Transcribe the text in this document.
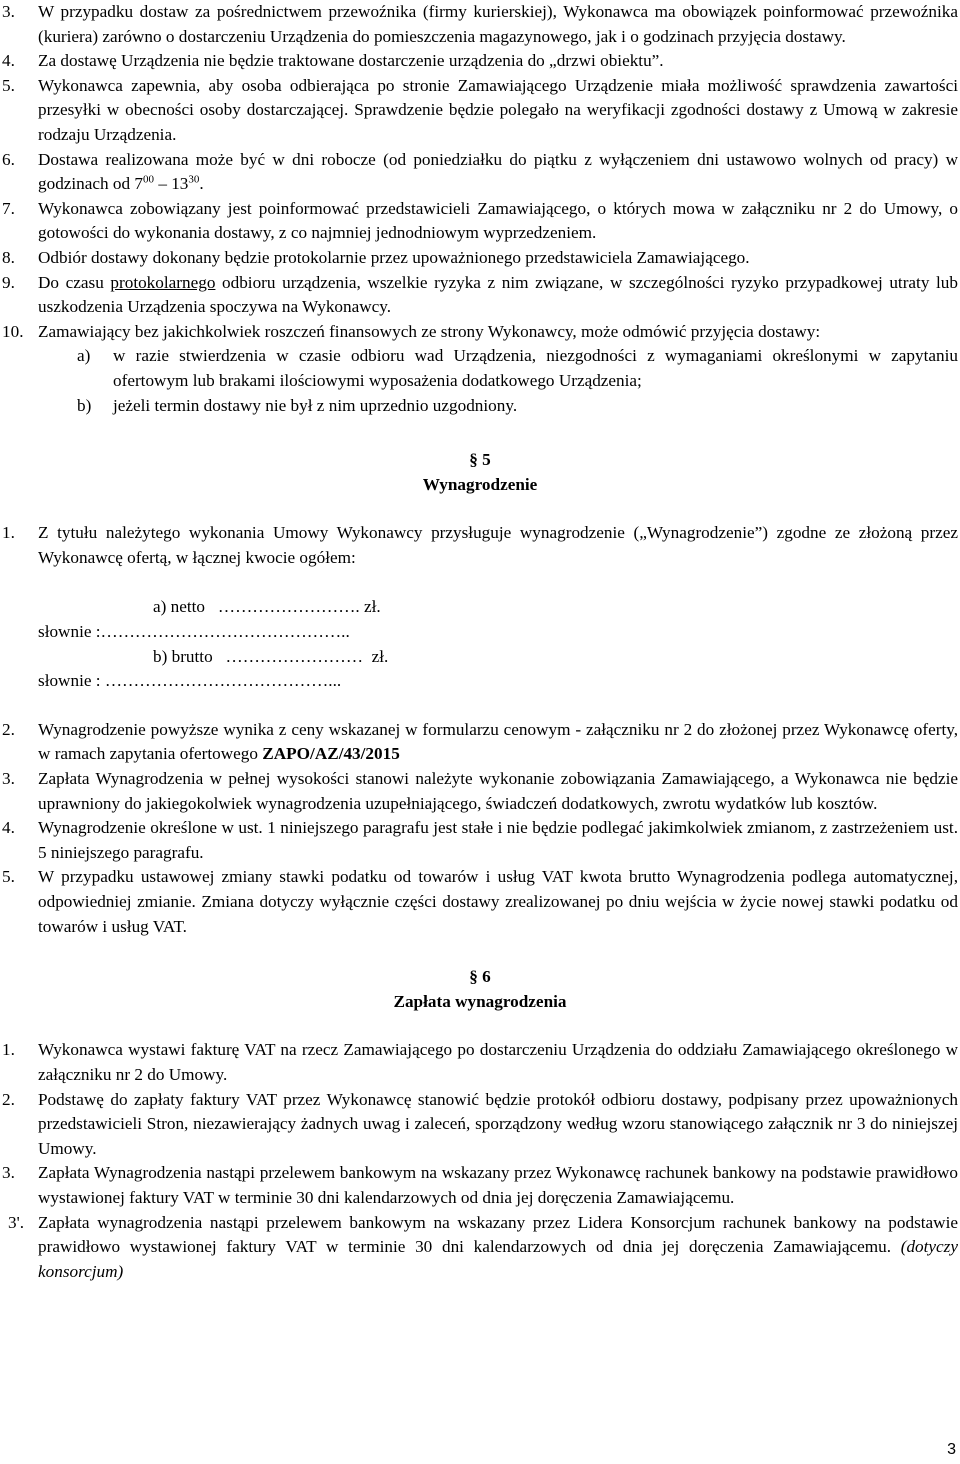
3. W przypadku dostaw za pośrednictwem przewoźnika (firmy kurierskiej), Wykonawca ma obowiązek poinformować przewoźnika (kuriera) zarówno o dostarczeniu Urządzenia do pomieszczenia magazynowego, jak i o godzinach przyjęcia dostawy.
4. Za dostawę Urządzenia nie będzie traktowane dostarczenie urządzenia do „drzwi obiektu”.
5. Wykonawca zapewnia, aby osoba odbierająca po stronie Zamawiającego Urządzenie miała możliwość sprawdzenia zawartości przesyłki w obecności osoby dostarczającej. Sprawdzenie będzie polegało na weryfikacji zgodności dostawy z Umową w zakresie rodzaju Urządzenia.
6. Dostawa realizowana może być w dni robocze (od poniedziałku do piątku z wyłączeniem dni ustawowo wolnych od pracy) w godzinach od $7^{00} - 13^{30}$.
7. Wykonawca zobowiązany jest poinformować przedstawicieli Zamawiającego, o których mowa w załączniku nr 2 do Umowy, o gotowości do wykonania dostawy, z co najmniej jednodniowym wyprzedzeniem.
8. Odbiór dostawy dokonany będzie protokolarnie przez upoważnionego przedstawiciela Zamawiającego.
9. Do czasu protokolarnego odbioru urządzenia, wszelkie ryzyka z nim związane, w szczególności ryzyko przypadkowej utraty lub uszkodzenia Urządzenia spoczywa na Wykonawcy.
10. Zamawiający bez jakichkolwiek roszczeń finansowych ze strony Wykonawcy, może odmówić przyjęcia dostawy:
a) w razie stwierdzenia w czasie odbioru wad Urządzenia, niezgodności z wymaganiami określonymi w zapytaniu ofertowym lub brakami ilościowymi wyposażenia dodatkowego Urządzenia;
b) jeżeli termin dostawy nie był z nim uprzednio uzgodniony.
§ 5
Wynagrodzenie
1. Z tytułu należytego wykonania Umowy Wykonawcy przysługuje wynagrodzenie („Wynagrodzenie”) zgodne ze złożoną przez Wykonawcę ofertą, w łącznej kwocie ogółem:
a) netto   ……………………. zł.
słownie :……………………………………..
b) brutto   ……………………  zł.
słownie : …………………………………...
2. Wynagrodzenie powyższe wynika z ceny wskazanej w formularzu cenowym - załączniku nr 2 do złożonej przez Wykonawcę oferty, w ramach zapytania ofertowego ZAPO/AZ/43/2015
3. Zapłata Wynagrodzenia w pełnej wysokości stanowi należyte wykonanie zobowiązania Zamawiającego, a Wykonawca nie będzie uprawniony do jakiegokolwiek wynagrodzenia uzupełniającego, świadczeń dodatkowych, zwrotu wydatków lub kosztów.
4. Wynagrodzenie określone w ust. 1 niniejszego paragrafu jest stałe i nie będzie podlegać jakimkolwiek zmianom, z zastrzeżeniem ust. 5 niniejszego paragrafu.
5. W przypadku ustawowej zmiany stawki podatku od towarów i usług VAT kwota brutto Wynagrodzenia podlega automatycznej, odpowiedniej zmianie. Zmiana dotyczy wyłącznie części dostawy zrealizowanej po dniu wejścia w życie nowej stawki podatku od towarów i usług VAT.
§ 6
Zapłata wynagrodzenia
1. Wykonawca wystawi fakturę VAT na rzecz Zamawiającego po dostarczeniu Urządzenia do oddziału Zamawiającego określonego w załączniku nr 2 do Umowy.
2. Podstawę do zapłaty faktury VAT przez Wykonawcę stanowić będzie protokół odbioru dostawy, podpisany przez upoważnionych przedstawicieli Stron, niezawierający żadnych uwag i zaleceń, sporządzony według wzoru stanowiącego załącznik nr 3 do niniejszej Umowy.
3. Zapłata Wynagrodzenia nastąpi przelewem bankowym na wskazany przez Wykonawcę rachunek bankowy na podstawie prawidłowo wystawionej faktury VAT w terminie 30 dni kalendarzowych od dnia jej doręczenia Zamawiającemu.
3'. Zapłata wynagrodzenia nastąpi przelewem bankowym na wskazany przez Lidera Konsorcjum rachunek bankowy na podstawie prawidłowo wystawionej faktury VAT w terminie 30 dni kalendarzowych od dnia jej doręczenia Zamawiającemu. (dotyczy konsorcjum)
3
